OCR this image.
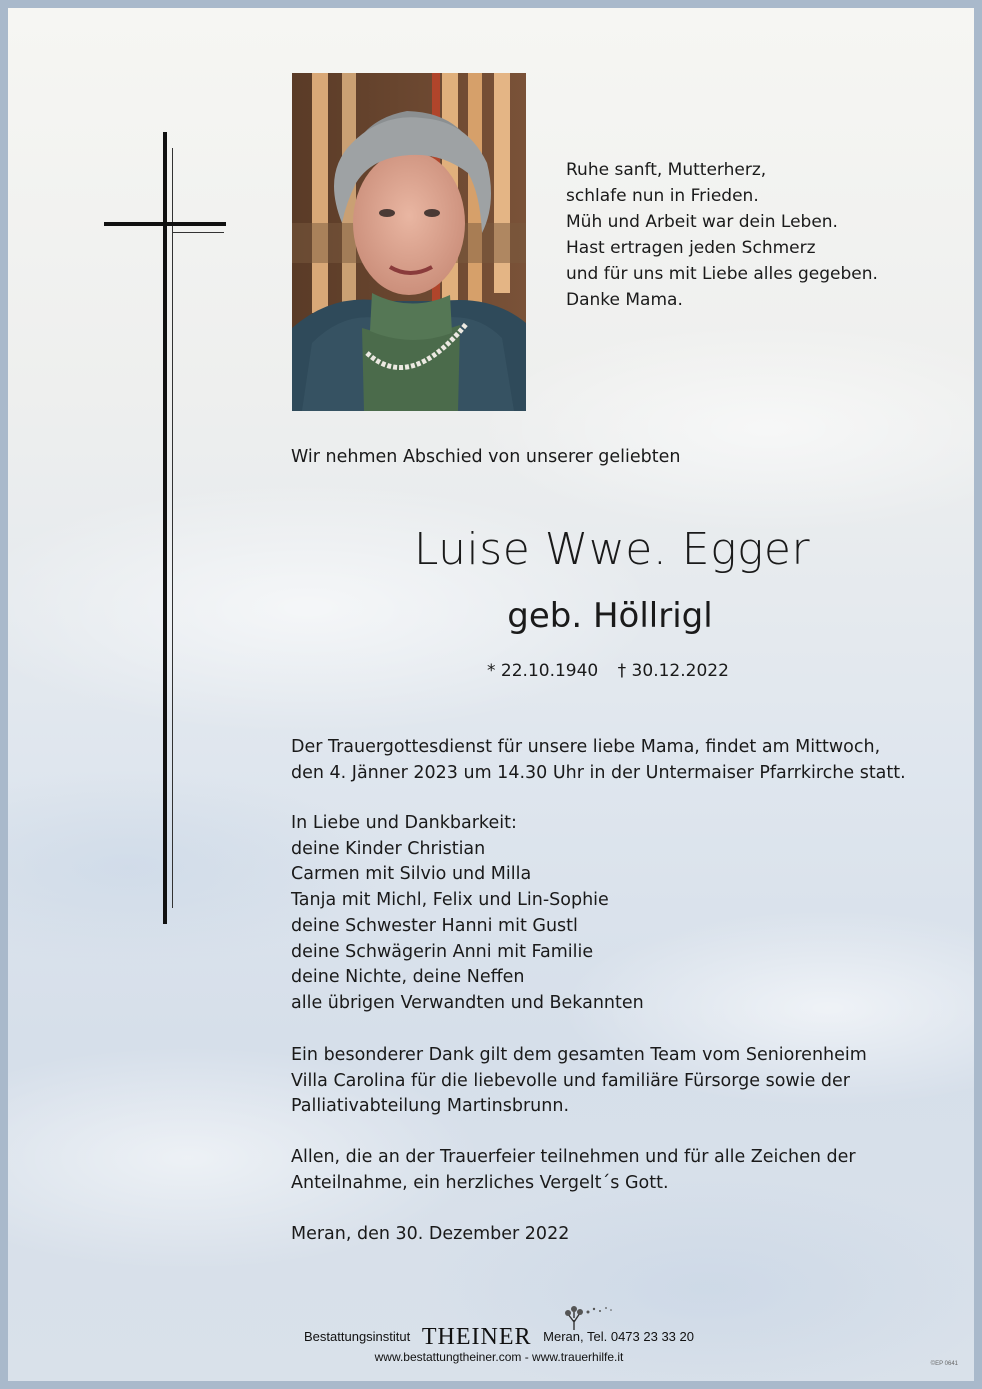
Ruhe sanft, Mutterherz,
schlafe nun in Frieden.
Müh und Arbeit war dein Leben.
Hast ertragen jeden Schmerz
und für uns mit Liebe alles gegeben.
Danke Mama.
Wir nehmen Abschied von unserer geliebten
Luise Wwe. Egger
geb. Höllrigl
* 22.10.1940 † 30.12.2022
Der Trauergottesdienst für unsere liebe Mama, findet am Mittwoch,
den 4. Jänner 2023 um 14.30 Uhr in der Untermaiser Pfarrkirche statt.
In Liebe und Dankbarkeit:
deine Kinder Christian
Carmen mit Silvio und Milla
Tanja mit Michl, Felix und Lin-Sophie
deine Schwester Hanni mit Gustl
deine Schwägerin Anni mit Familie
deine Nichte, deine Neffen
alle übrigen Verwandten und Bekannten
Ein besonderer Dank gilt dem gesamten Team vom Seniorenheim
Villa Carolina für die liebevolle und familiäre Fürsorge sowie der
Palliativabteilung Martinsbrunn.
Allen, die an der Trauerfeier teilnehmen und für alle Zeichen der
Anteilnahme, ein herzliches Vergelt´s Gott.
Meran, den 30. Dezember 2022
Bestattungsinstitut THEINER Meran, Tel. 0473 23 33 20
www.bestattungtheiner.com - www.trauerhilfe.it	©EP 0641
